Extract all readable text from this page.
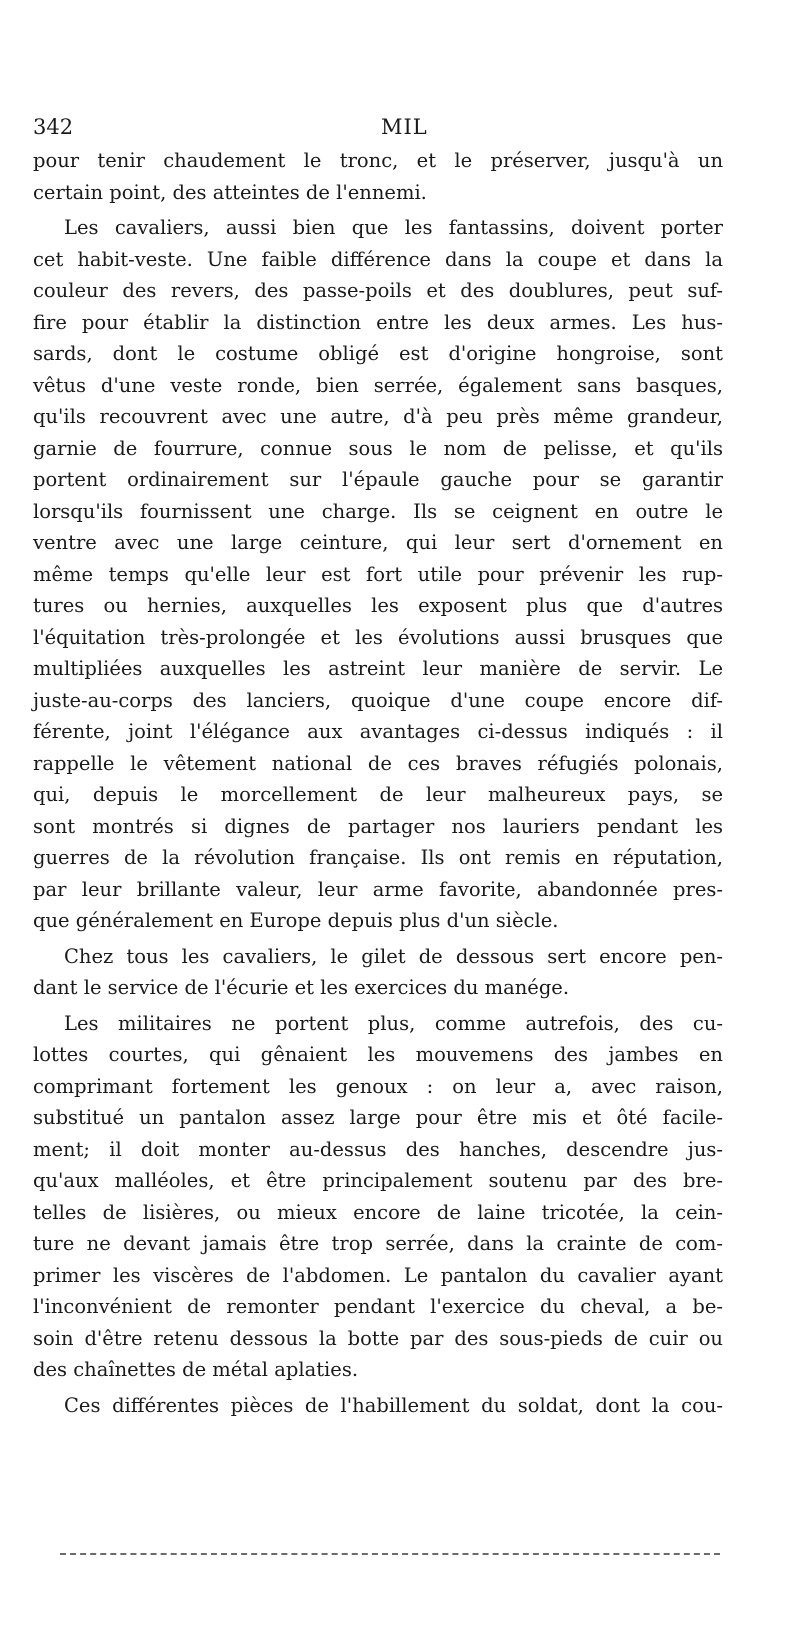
342	MIL
pour tenir chaudement le tronc, et le préserver, jusqu'à un
certain point, des atteintes de l'ennemi.
Les cavaliers, aussi bien que les fantassins, doivent porter
cet habit-veste. Une faible différence dans la coupe et dans la
couleur des revers, des passe-poils et des doublures, peut suf-
fire pour établir la distinction entre les deux armes. Les hus-
sards, dont le costume obligé est d'origine hongroise, sont
vêtus d'une veste ronde, bien serrée, également sans basques,
qu'ils recouvrent avec une autre, d'à peu près même grandeur,
garnie de fourrure, connue sous le nom de pelisse, et qu'ils
portent ordinairement sur l'épaule gauche pour se garantir
lorsqu'ils fournissent une charge. Ils se ceignent en outre le
ventre avec une large ceinture, qui leur sert d'ornement en
même temps qu'elle leur est fort utile pour prévenir les rup-
tures ou hernies, auxquelles les exposent plus que d'autres
l'équitation très-prolongée et les évolutions aussi brusques que
multipliées auxquelles les astreint leur manière de servir. Le
juste-au-corps des lanciers, quoique d'une coupe encore dif-
férente, joint l'élégance aux avantages ci-dessus indiqués : il
rappelle le vêtement national de ces braves réfugiés polonais,
qui, depuis le morcellement de leur malheureux pays, se
sont montrés si dignes de partager nos lauriers pendant les
guerres de la révolution française. Ils ont remis en réputation,
par leur brillante valeur, leur arme favorite, abandonnée pres-
que généralement en Europe depuis plus d'un siècle.
Chez tous les cavaliers, le gilet de dessous sert encore pen-
dant le service de l'écurie et les exercices du manége.
Les militaires ne portent plus, comme autrefois, des cu-
lottes courtes, qui gênaient les mouvemens des jambes en
comprimant fortement les genoux : on leur a, avec raison,
substitué un pantalon assez large pour être mis et ôté facile-
ment; il doit monter au-dessus des hanches, descendre jus-
qu'aux malléoles, et être principalement soutenu par des bre-
telles de lisières, ou mieux encore de laine tricotée, la cein-
ture ne devant jamais être trop serrée, dans la crainte de com-
primer les viscères de l'abdomen. Le pantalon du cavalier ayant
l'inconvénient de remonter pendant l'exercice du cheval, a be-
soin d'être retenu dessous la botte par des sous-pieds de cuir ou
des chaînettes de métal aplaties.
Ces différentes pièces de l'habillement du soldat, dont la cou-
